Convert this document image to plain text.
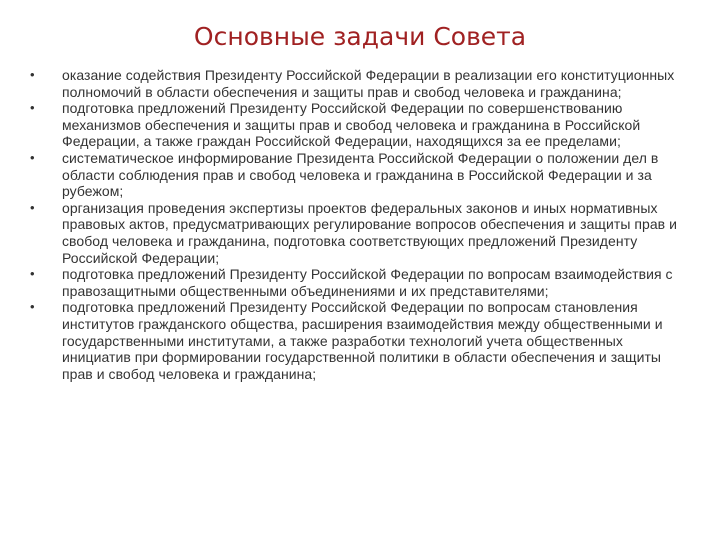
Основные задачи Совета
• оказание содействия Президенту Российской Федерации в реализации его конституционных полномочий в области обеспечения и защиты прав и свобод человека и гражданина;
• подготовка предложений Президенту Российской Федерации по совершенствованию механизмов обеспечения и защиты прав и свобод человека и гражданина в Российской Федерации, а также граждан Российской Федерации, находящихся за ее пределами;
• систематическое информирование Президента Российской Федерации о положении дел в области соблюдения прав и свобод человека и гражданина в Российской Федерации и за рубежом;
• организация проведения экспертизы проектов федеральных законов и иных нормативных правовых актов, предусматривающих регулирование вопросов обеспечения и защиты прав и свобод человека и гражданина, подготовка соответствующих предложений Президенту Российской Федерации;
• подготовка предложений Президенту Российской Федерации по вопросам взаимодействия с правозащитными общественными объединениями и их представителями;
• подготовка предложений Президенту Российской Федерации по вопросам становления институтов гражданского общества, расширения взаимодействия между общественными и государственными институтами, а также разработки технологий учета общественных инициатив при формировании государственной политики в области обеспечения и защиты прав и свобод человека и гражданина;
